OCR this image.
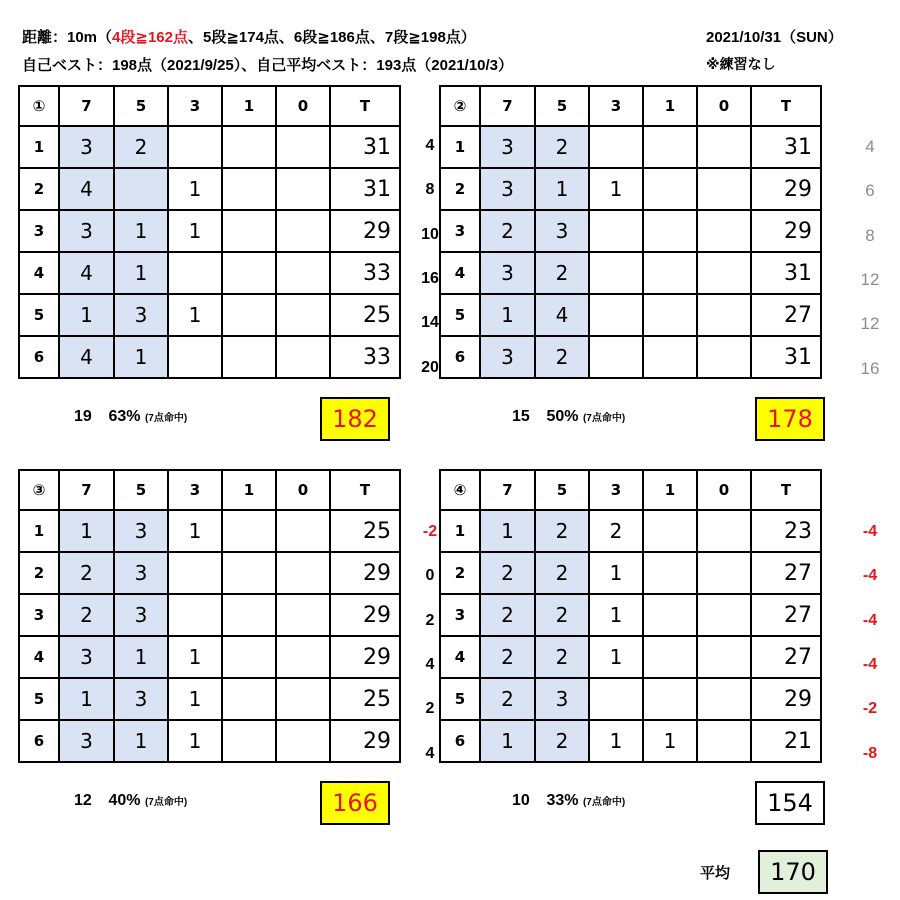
距離：10m（4段≧162点、5段≧174点、6段≧186点、7段≧198点）
自己ベスト：198点（2021/9/25）、自己平均ベスト：193点（2021/10/3）
2021/10/31（SUN）
※練習なし
①	7	5	3	1	0	T
1	3	2				31
2	4		1			31
3	3	1	1			29
4	4	1				33
5	1	3	1			25
6	4	1				33
②	7	5	3	1	0	T
1	3	2				31
2	3	1	1			29
3	2	3				29
4	3	2				31
5	1	4				27
6	3	2				31
③	7	5	3	1	0	T
1	1	3	1			25
2	2	3				29
3	2	3				29
4	3	1	1			29
5	1	3	1			25
6	3	1	1			29
④	7	5	3	1	0	T
1	1	2	2			23
2	2	2	1			27
3	2	2	1			27
4	2	2	1			27
5	2	3				29
6	1	2	1	1		21
4
8
10
16
14
20
4
6
8
12
12
16
-2
0
2
4
2
4
-4
-4
-4
-4
-2
-8
19 63% (7点命中)	15 50% (7点命中)
12 40% (7点命中)	10 33% (7点命中)
182	178
166	154
平均	170
